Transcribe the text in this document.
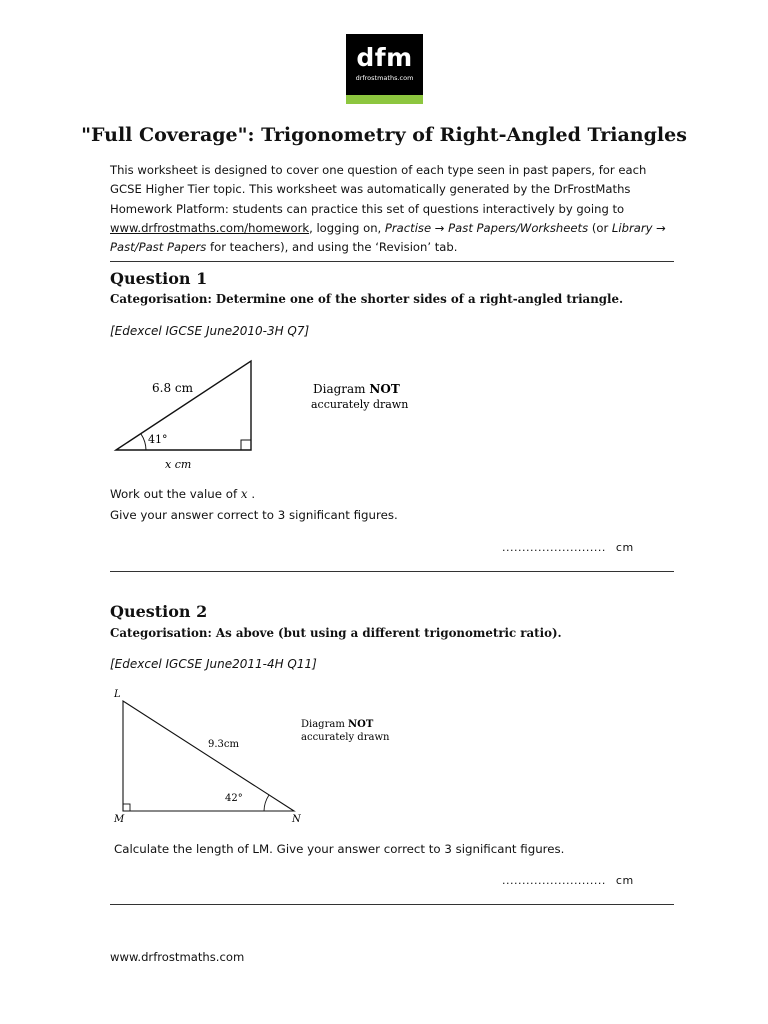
dfm
drfrostmaths.com
"Full Coverage": Trigonometry of Right-Angled Triangles
This worksheet is designed to cover one question of each type seen in past papers, for each GCSE Higher Tier topic. This worksheet was automatically generated by the DrFrostMaths Homework Platform: students can practice this set of questions interactively by going to www.drfrostmaths.com/homework, logging on, Practise → Past Papers/Worksheets (or Library → Past/Past Papers for teachers), and using the ‘Revision’ tab.
Question 1
Categorisation: Determine one of the shorter sides of a right-angled triangle.
[Edexcel IGCSE June2010-3H Q7]
6.8 cm
41°
x cm
Diagram NOT
accurately drawn
Work out the value of x .
Give your answer correct to 3 significant figures.
.......................... cm
Question 2
Categorisation: As above (but using a different trigonometric ratio).
[Edexcel IGCSE June2011-4H Q11]
L
M	N
9.3cm
42°
Diagram NOT
accurately drawn
Calculate the length of LM. Give your answer correct to 3 significant figures.
.......................... cm
www.drfrostmaths.com
